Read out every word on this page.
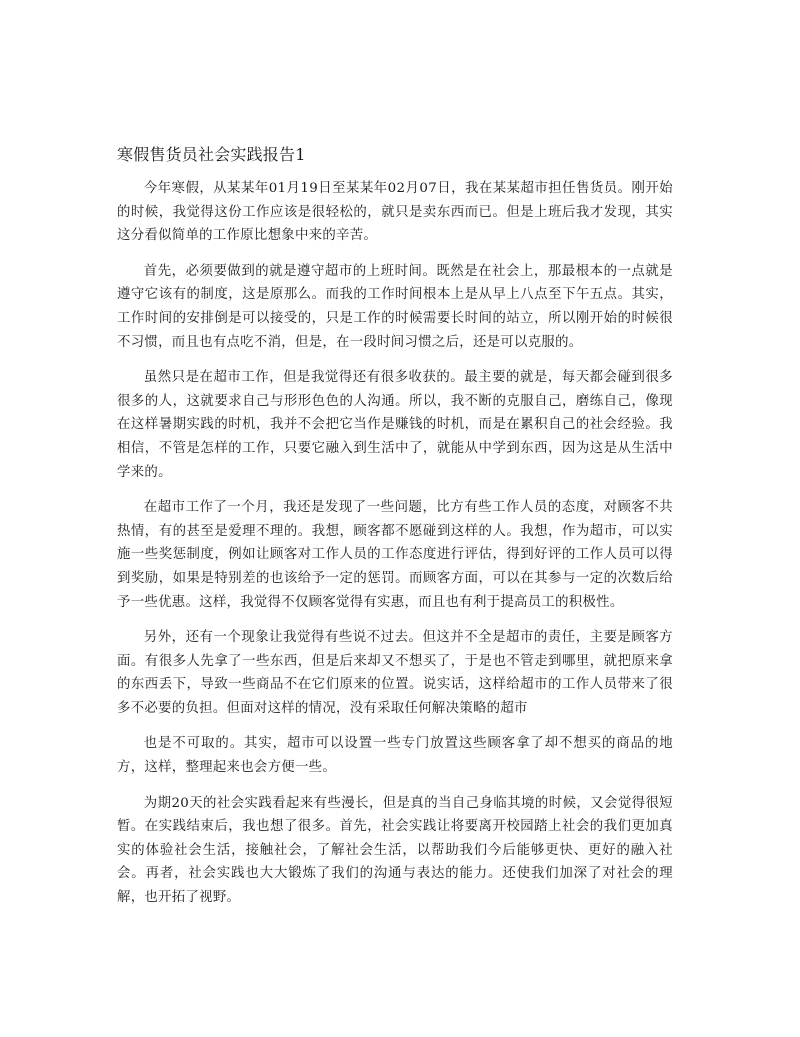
寒假售货员社会实践报告1

今年寒假，从某某年01月19日至某某年02月07日，我在某某超市担任售货员。刚开始的时候，我觉得这份工作应该是很轻松的，就只是卖东西而已。但是上班后我才发现，其实这分看似简单的工作原比想象中来的辛苦。

首先，必须要做到的就是遵守超市的上班时间。既然是在社会上，那最根本的一点就是遵守它该有的制度，这是原那么。而我的工作时间根本上是从早上八点至下午五点。其实，工作时间的安排倒是可以接受的，只是工作的时候需要长时间的站立，所以刚开始的时候很不习惯，而且也有点吃不消，但是，在一段时间习惯之后，还是可以克服的。

虽然只是在超市工作，但是我觉得还有很多收获的。最主要的就是，每天都会碰到很多很多的人，这就要求自己与形形色色的人沟通。所以，我不断的克服自己，磨练自己，像现在这样暑期实践的时机，我并不会把它当作是赚钱的时机，而是在累积自己的社会经验。我相信，不管是怎样的工作，只要它融入到生活中了，就能从中学到东西，因为这是从生活中学来的。

在超市工作了一个月，我还是发现了一些问题，比方有些工作人员的态度，对顾客不共热情，有的甚至是爱理不理的。我想，顾客都不愿碰到这样的人。我想，作为超市，可以实施一些奖惩制度，例如让顾客对工作人员的工作态度进行评估，得到好评的工作人员可以得到奖励，如果是特别差的也该给予一定的惩罚。而顾客方面，可以在其参与一定的次数后给予一些优惠。这样，我觉得不仅顾客觉得有实惠，而且也有利于提高员工的积极性。

另外，还有一个现象让我觉得有些说不过去。但这并不全是超市的责任，主要是顾客方面。有很多人先拿了一些东西，但是后来却又不想买了，于是也不管走到哪里，就把原来拿的东西丢下，导致一些商品不在它们原来的位置。说实话，这样给超市的工作人员带来了很多不必要的负担。但面对这样的情况，没有采取任何解决策略的超市

也是不可取的。其实，超市可以设置一些专门放置这些顾客拿了却不想买的商品的地方，这样，整理起来也会方便一些。

为期20天的社会实践看起来有些漫长，但是真的当自己身临其境的时候，又会觉得很短暂。在实践结束后，我也想了很多。首先，社会实践让将要离开校园踏上社会的我们更加真实的体验社会生活，接触社会，了解社会生活，以帮助我们今后能够更快、更好的融入社会。再者，社会实践也大大锻炼了我们的沟通与表达的能力。还使我们加深了对社会的理解，也开拓了视野。
